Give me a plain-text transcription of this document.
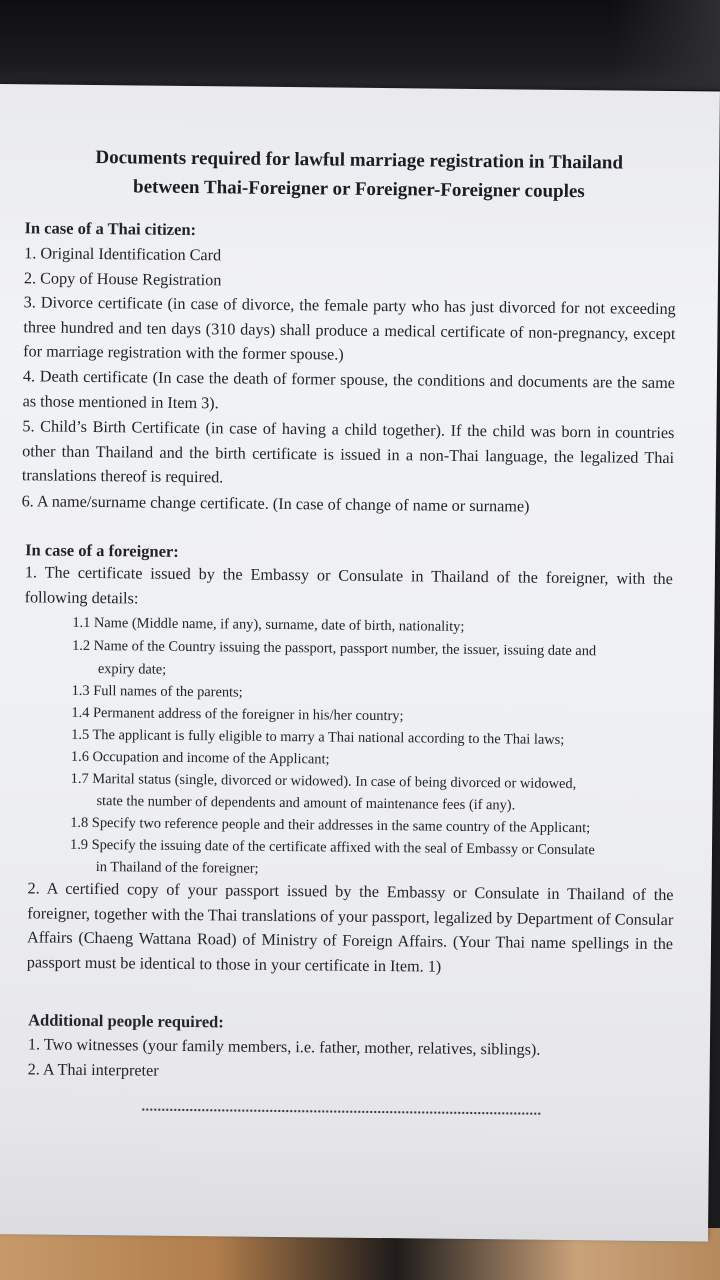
Documents required for lawful marriage registration in Thailand
between Thai-Foreigner or Foreigner-Foreigner couples
In case of a Thai citizen:
1. Original Identification Card
2. Copy of House Registration
3. Divorce certificate (in case of divorce, the female party who has just divorced for not exceeding three hundred and ten days (310 days) shall produce a medical certificate of non-pregnancy, except for marriage registration with the former spouse.)
4. Death certificate (In case the death of former spouse, the conditions and documents are the same as those mentioned in Item 3).
5. Child’s Birth Certificate (in case of having a child together). If the child was born in countries other than Thailand and the birth certificate is issued in a non-Thai language, the legalized Thai translations thereof is required.
6. A name/surname change certificate. (In case of change of name or surname)
In case of a foreigner:
1. The certificate issued by the Embassy or Consulate in Thailand of the foreigner, with the following details:
1.1 Name (Middle name, if any), surname, date of birth, nationality;
1.2 Name of the Country issuing the passport, passport number, the issuer, issuing date and
expiry date;
1.3 Full names of the parents;
1.4 Permanent address of the foreigner in his/her country;
1.5 The applicant is fully eligible to marry a Thai national according to the Thai laws;
1.6 Occupation and income of the Applicant;
1.7 Marital status (single, divorced or widowed). In case of being divorced or widowed,
state the number of dependents and amount of maintenance fees (if any).
1.8 Specify two reference people and their addresses in the same country of the Applicant;
1.9 Specify the issuing date of the certificate affixed with the seal of Embassy or Consulate
in Thailand of the foreigner;
2. A certified copy of your passport issued by the Embassy or Consulate in Thailand of the foreigner, together with the Thai translations of your passport, legalized by Department of Consular Affairs (Chaeng Wattana Road) of Ministry of Foreign Affairs. (Your Thai name spellings in the passport must be identical to those in your certificate in Item. 1)
Additional people required:
1. Two witnesses (your family members, i.e. father, mother, relatives, siblings).
2. A Thai interpreter
